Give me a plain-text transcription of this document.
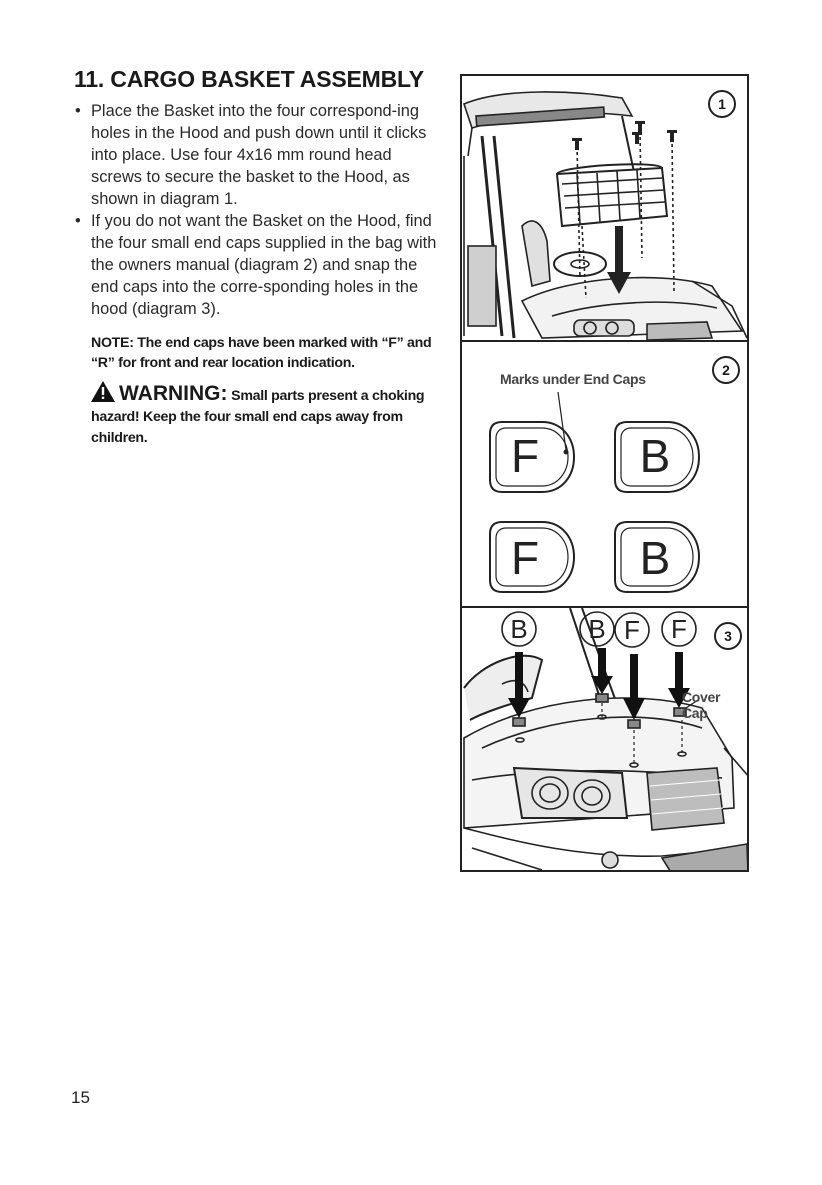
11. CARGO BASKET ASSEMBLY
• Place the Basket into the four correspond-ing holes in the Hood and push down until it clicks into place. Use four 4x16 mm round head screws to secure the basket to the Hood, as shown in diagram 1.
• If you do not want the Basket on the Hood, find the four small end caps supplied in the bag with the owners manual (diagram 2) and snap the end caps into the corre-sponding holes in the hood (diagram 3).

NOTE: The end caps have been marked with “F” and “R” for front and rear location indication.

WARNING: Small parts present a choking hazard! Keep the four small end caps away from children.

1
F B
F B
Marks under End Caps
2
B B F F
Cover Cap
3
15
